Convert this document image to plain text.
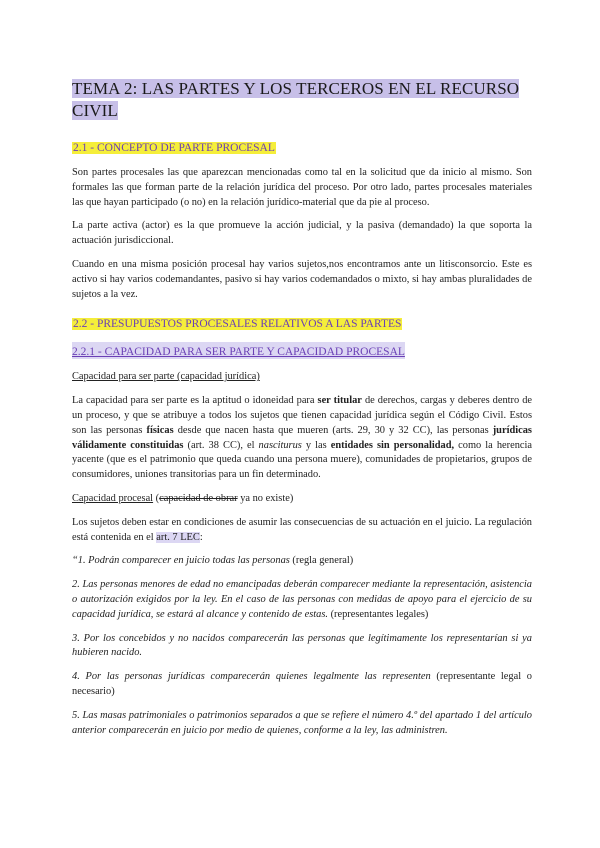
TEMA 2: LAS PARTES Y LOS TERCEROS EN EL RECURSO CIVIL
2.1 - CONCEPTO DE PARTE PROCESAL

Son partes procesales las que aparezcan mencionadas como tal en la solicitud que da inicio al mismo. Son formales las que forman parte de la relación jurídica del proceso. Por otro lado, partes procesales materiales las que hayan participado (o no) en la relación jurídico-material que da pie al proceso.

La parte activa (actor) es la que promueve la acción judicial, y la pasiva (demandado) la que soporta la actuación jurisdiccional.

Cuando en una misma posición procesal hay varios sujetos,nos encontramos ante un litisconsorcio. Este es activo si hay varios codemandantes, pasivo si hay varios codemandados o mixto, si hay ambas pluralidades de sujetos a la vez.

2.2 - PRESUPUESTOS PROCESALES RELATIVOS A LAS PARTES
2.2.1 - CAPACIDAD PARA SER PARTE Y CAPACIDAD PROCESAL

Capacidad para ser parte (capacidad jurídica)

La capacidad para ser parte es la aptitud o idoneidad para ser titular de derechos, cargas y deberes dentro de un proceso, y que se atribuye a todos los sujetos que tienen capacidad jurídica según el Código Civil. Estos son las personas físicas desde que nacen hasta que mueren (arts. 29, 30 y 32 CC), las personas jurídicas válidamente constituidas (art. 38 CC), el nasciturus y las entidades sin personalidad, como la herencia yacente (que es el patrimonio que queda cuando una persona muere), comunidades de propietarios, grupos de consumidores, uniones transitorias para un fin determinado.

Capacidad procesal (capacidad de obrar ya no existe)

Los sujetos deben estar en condiciones de asumir las consecuencias de su actuación en el juicio. La regulación está contenida en el art. 7 LEC:

“1. Podrán comparecer en juicio todas las personas (regla general)

2. Las personas menores de edad no emancipadas deberán comparecer mediante la representación, asistencia o autorización exigidos por la ley. En el caso de las personas con medidas de apoyo para el ejercicio de su capacidad jurídica, se estará al alcance y contenido de estas. (representantes legales)

3. Por los concebidos y no nacidos comparecerán las personas que legítimamente los representarían si ya hubieren nacido.

4. Por las personas jurídicas comparecerán quienes legalmente las representen (representante legal o necesario)

5. Las masas patrimoniales o patrimonios separados a que se refiere el número 4.º del apartado 1 del artículo anterior comparecerán en juicio por medio de quienes, conforme a la ley, las administren.
